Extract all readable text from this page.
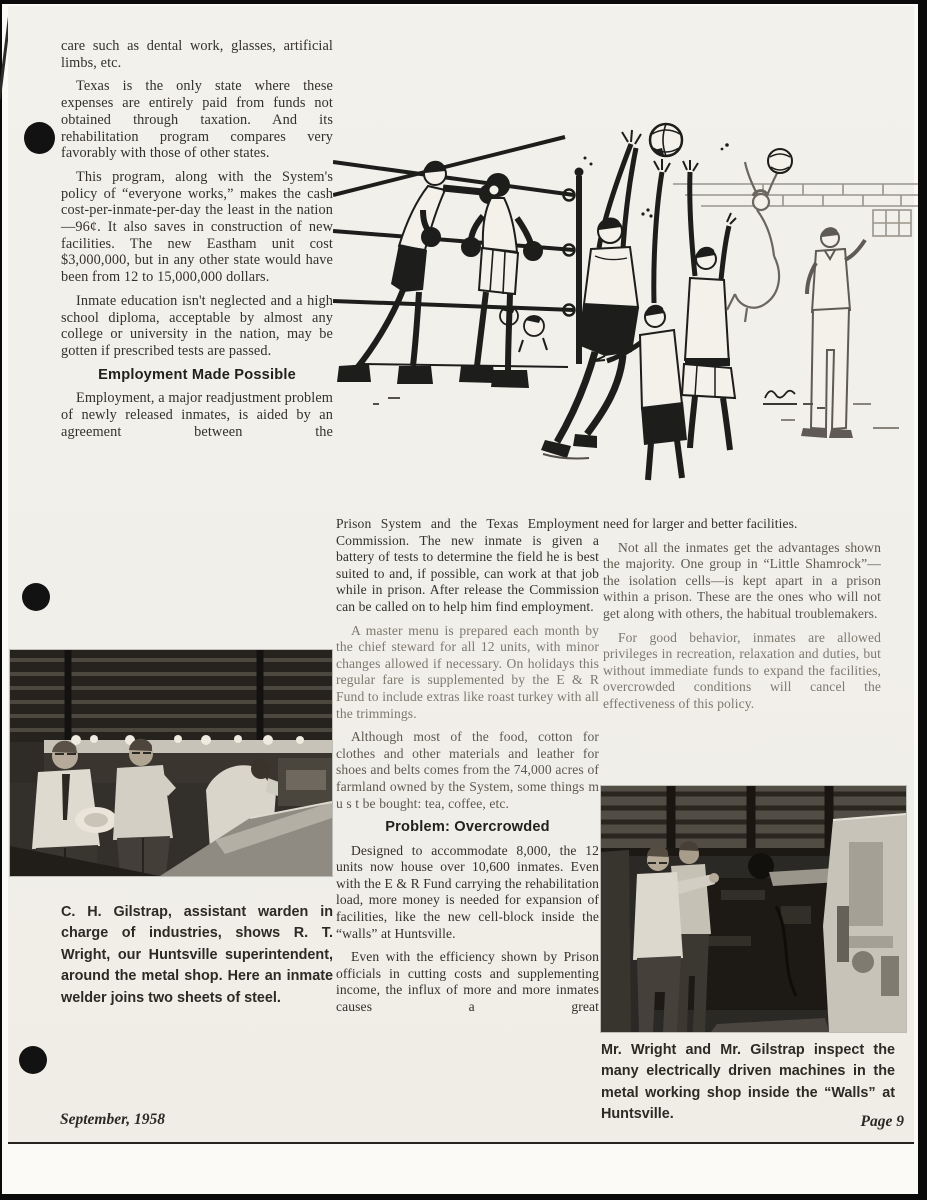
care such as dental work, glasses, artificial limbs, etc.

Texas is the only state where these expenses are entirely paid from funds not obtained through taxation. And its rehabilitation program compares very favorably with those of other states.

This program, along with the System's policy of “everyone works,” makes the cash cost-per-inmate-per-day the least in the nation—96¢. It also saves in construction of new facilities. The new Eastham unit cost $3,000,000, but in any other state would have been from 12 to 15,000,000 dollars.

Inmate education isn't neglected and a high school diploma, acceptable by almost any college or university in the nation, may be gotten if prescribed tests are passed.

Employment Made Possible

Employment, a major readjustment problem of newly released inmates, is aided by an agreement between the

Prison System and the Texas Employment Commission. The new inmate is given a battery of tests to determine the field he is best suited to and, if possible, can work at that job while in prison. After release the Commission can be called on to help him find employment.

A master menu is prepared each month by the chief steward for all 12 units, with minor changes allowed if necessary. On holidays this regular fare is supplemented by the E & R Fund to include extras like roast turkey with all the trimmings.

Although most of the food, cotton for clothes and other materials and leather for shoes and belts comes from the 74,000 acres of farmland owned by the System, some things m u s t be bought: tea, coffee, etc.

Problem: Overcrowded

Designed to accommodate 8,000, the 12 units now house over 10,600 inmates. Even with the E & R Fund carrying the rehabilitation load, more money is needed for expansion of facilities, like the new cell-block inside the “walls” at Huntsville.

Even with the efficiency shown by Prison officials in cutting costs and supplementing income, the influx of more and more inmates causes a great

need for larger and better facilities.

Not all the inmates get the advantages shown the majority. One group in “Little Shamrock”—the isolation cells—is kept apart in a prison within a prison. These are the ones who will not get along with others, the habitual troublemakers.

For good behavior, inmates are allowed privileges in recreation, relaxation and duties, but without immediate funds to expand the facilities, overcrowded conditions will cancel the effectiveness of this policy.

C. H. Gilstrap, assistant warden in charge of industries, shows R. T. Wright, our Huntsville superintendent, around the metal shop. Here an inmate welder joins two sheets of steel.

Mr. Wright and Mr. Gilstrap inspect the many electrically driven machines in the metal working shop inside the “Walls” at Huntsville.

September, 1958	Page 9
